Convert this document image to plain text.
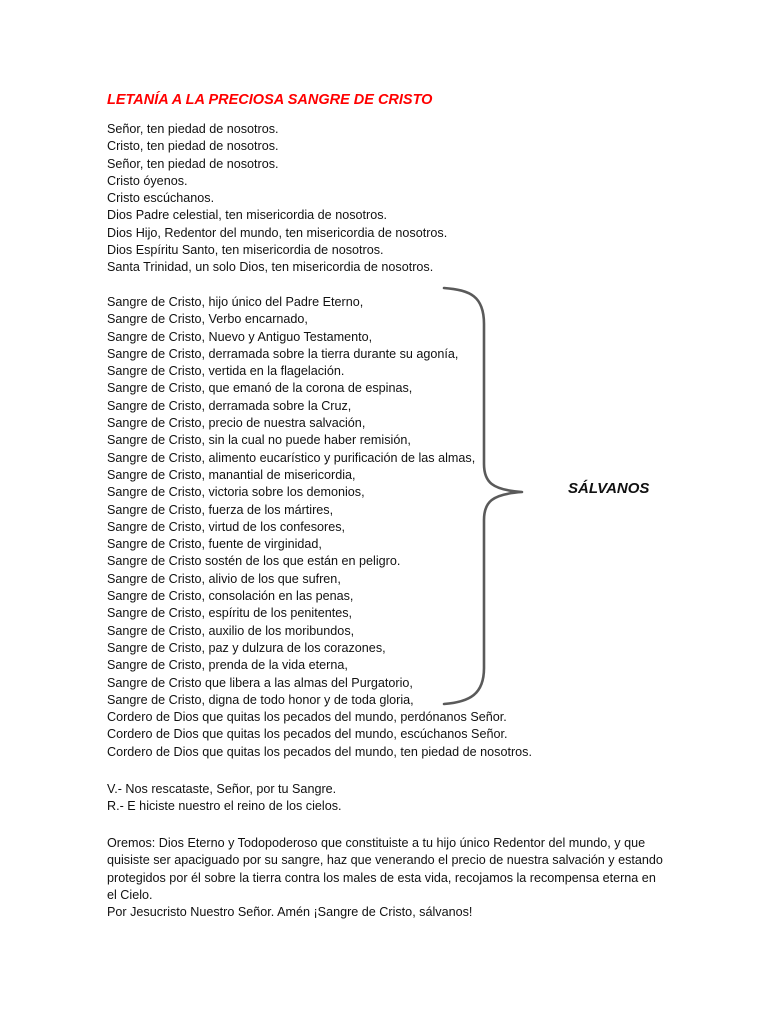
LETANÍA A LA PRECIOSA SANGRE DE CRISTO
Señor, ten piedad de nosotros.
Cristo, ten piedad de nosotros.
Señor, ten piedad de nosotros.
Cristo óyenos.
Cristo escúchanos.
Dios Padre celestial, ten misericordia de nosotros.
Dios Hijo, Redentor del mundo, ten misericordia de nosotros.
Dios Espíritu Santo, ten misericordia de nosotros.
Santa Trinidad, un solo Dios, ten misericordia de nosotros.
Sangre de Cristo, hijo único del Padre Eterno,
Sangre de Cristo, Verbo encarnado,
Sangre de Cristo, Nuevo y Antiguo Testamento,
Sangre de Cristo, derramada sobre la tierra durante su agonía,
Sangre de Cristo, vertida en la flagelación.
Sangre de Cristo, que emanó de la corona de espinas,
Sangre de Cristo, derramada sobre la Cruz,
Sangre de Cristo, precio de nuestra salvación,
Sangre de Cristo, sin la cual no puede haber remisión,
Sangre de Cristo, alimento eucarístico y purificación de las almas,
Sangre de Cristo, manantial de misericordia,
Sangre de Cristo, victoria sobre los demonios,
Sangre de Cristo, fuerza de los mártires,
Sangre de Cristo, virtud de los confesores,
Sangre de Cristo, fuente de virginidad,
Sangre de Cristo sostén de los que están en peligro.
Sangre de Cristo, alivio de los que sufren,
Sangre de Cristo, consolación en las penas,
Sangre de Cristo, espíritu de los penitentes,
Sangre de Cristo, auxilio de los moribundos,
Sangre de Cristo, paz y dulzura de los corazones,
Sangre de Cristo, prenda de la vida eterna,
Sangre de Cristo que libera a las almas del Purgatorio,
Sangre de Cristo, digna de todo honor y de toda gloria,
Cordero de Dios que quitas los pecados del mundo, perdónanos Señor.
Cordero de Dios que quitas los pecados del mundo, escúchanos Señor.
Cordero de Dios que quitas los pecados del mundo, ten piedad de nosotros.
SÁLVANOS
V.- Nos rescataste, Señor, por tu Sangre.
R.- E hiciste nuestro el reino de los cielos.
Oremos: Dios Eterno y Todopoderoso que constituiste a tu hijo único Redentor del mundo, y que quisiste ser apaciguado por su sangre, haz que venerando el precio de nuestra salvación y estando protegidos por él sobre la tierra contra los males de esta vida, recojamos la recompensa eterna en el Cielo.
Por Jesucristo Nuestro Señor. Amén ¡Sangre de Cristo, sálvanos!
